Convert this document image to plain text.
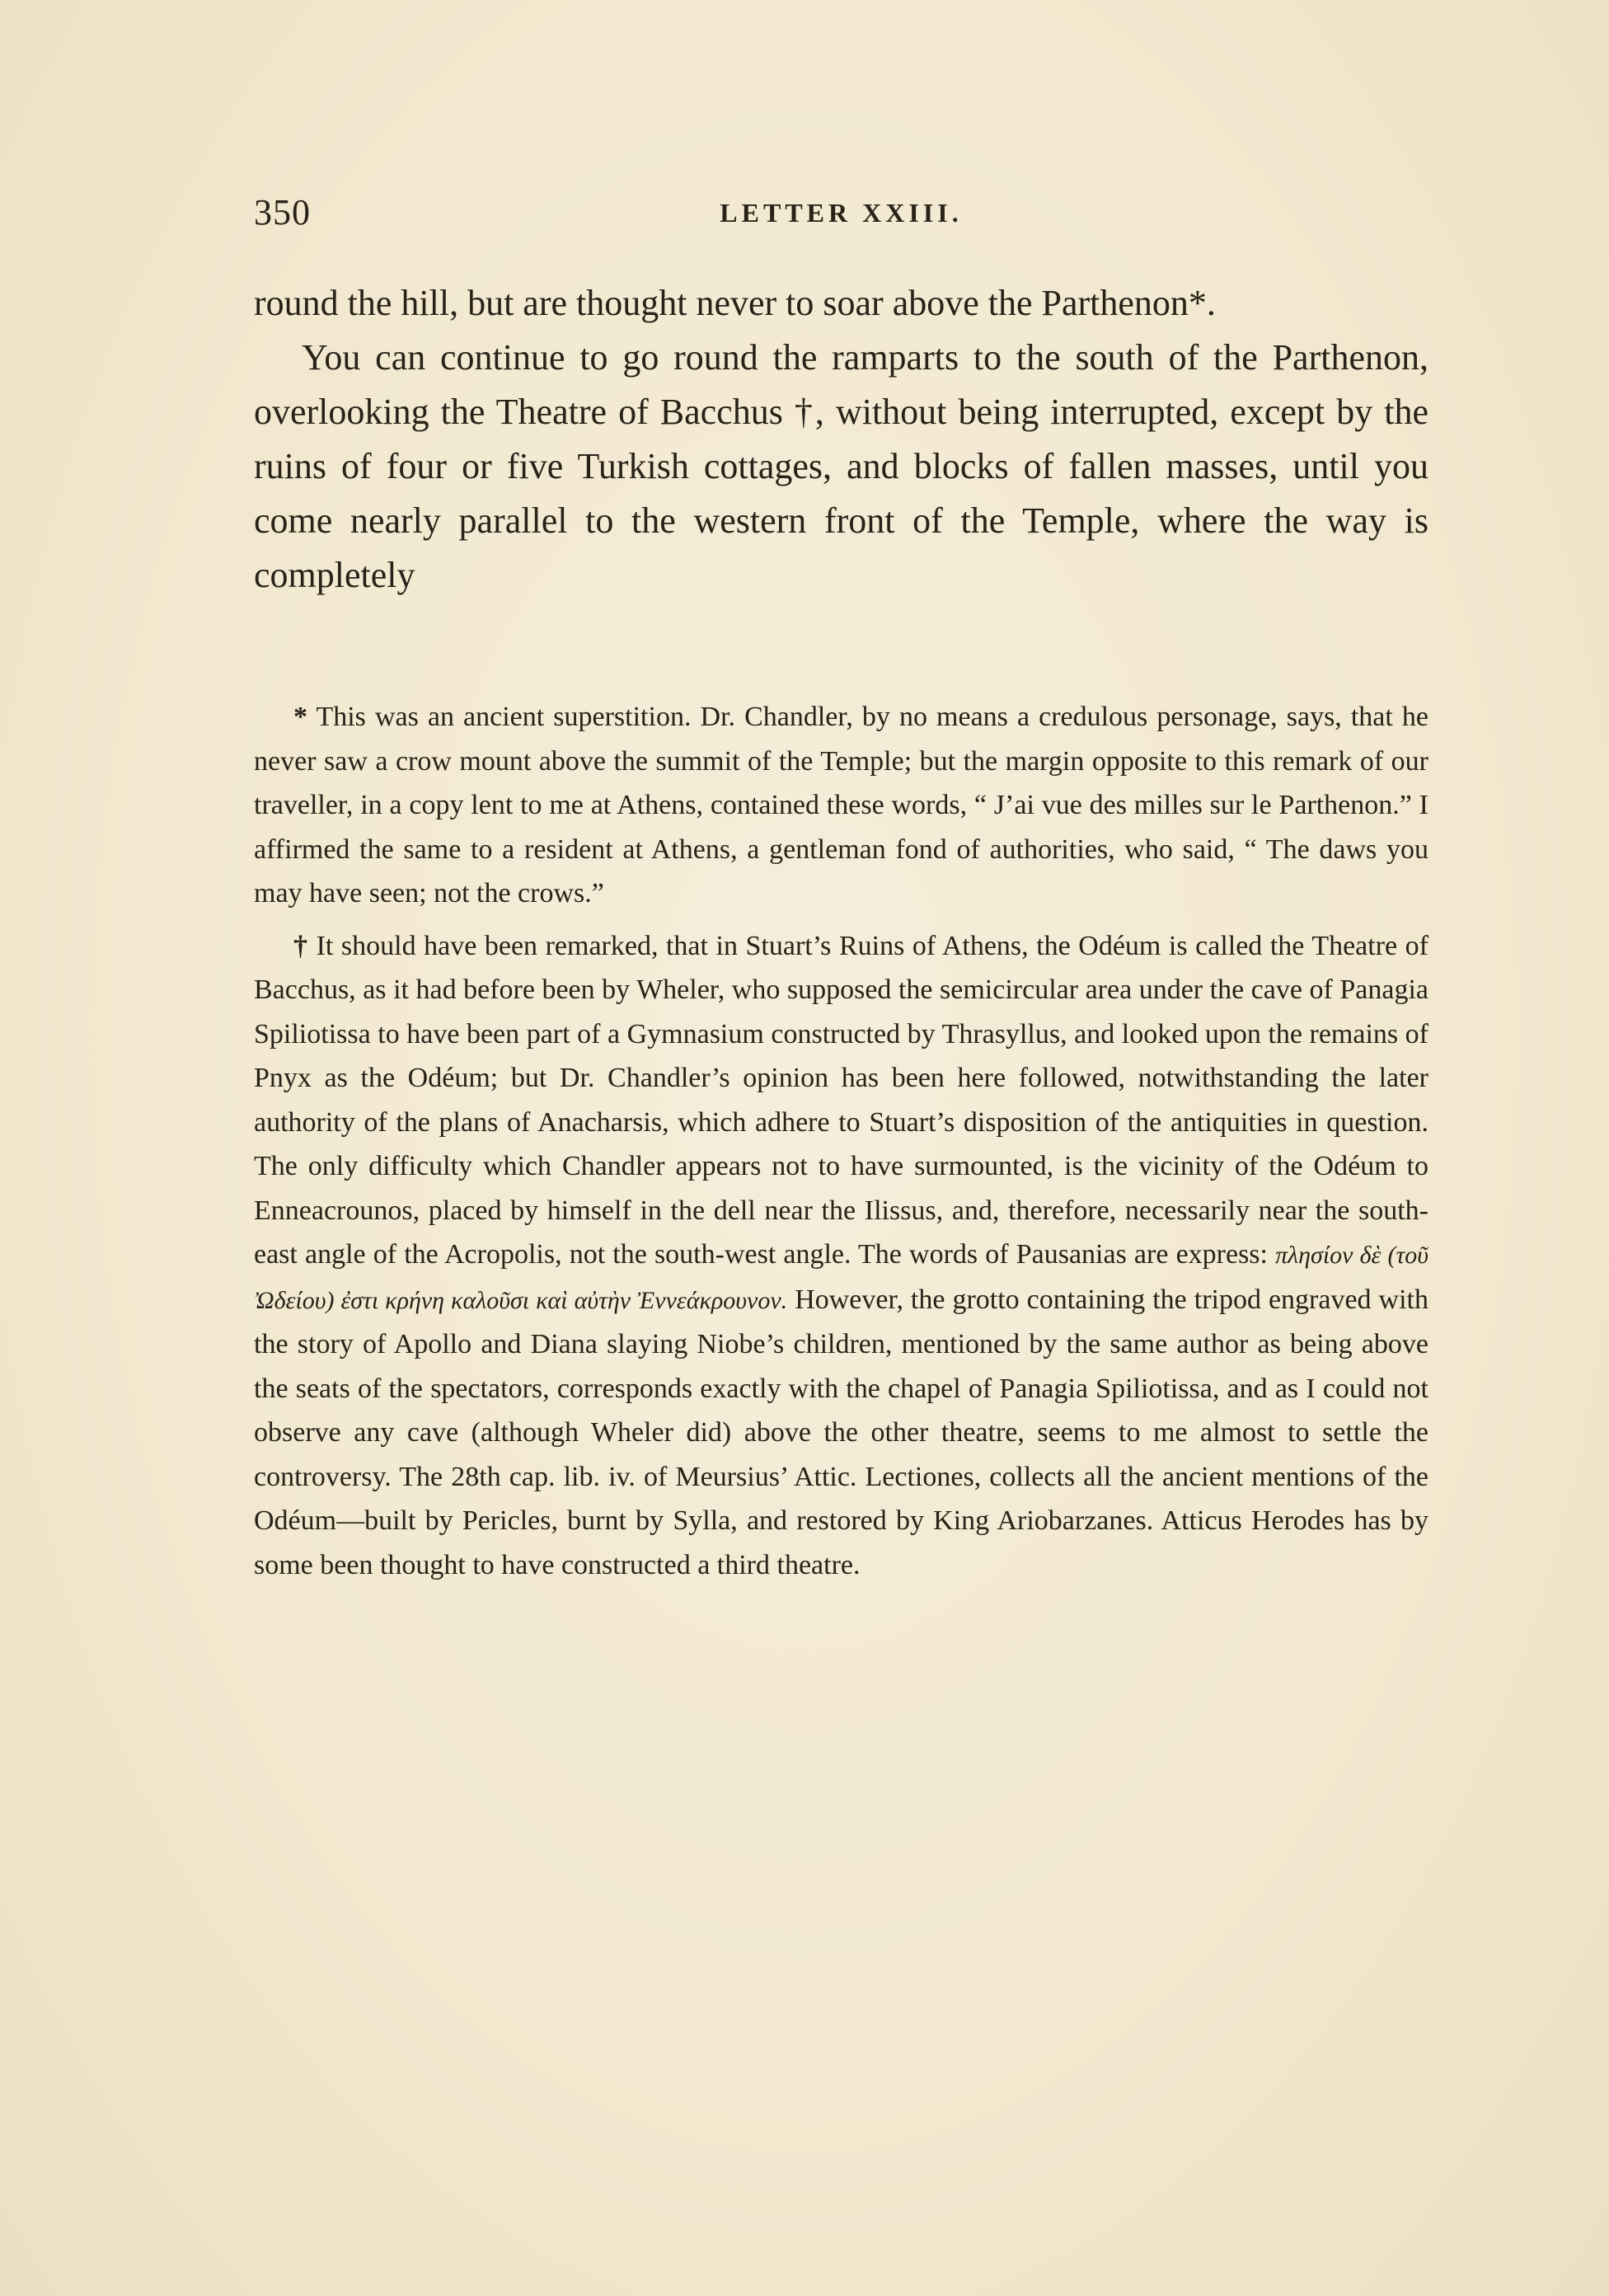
350	LETTER XXIII.

round the hill, but are thought never to soar above the Parthenon*.

You can continue to go round the ramparts to the south of the Parthenon, overlooking the Theatre of Bacchus †, without being interrupted, except by the ruins of four or five Turkish cottages, and blocks of fallen masses, until you come nearly parallel to the western front of the Temple, where the way is completely

* This was an ancient superstition. Dr. Chandler, by no means a credulous personage, says, that he never saw a crow mount above the summit of the Temple; but the margin opposite to this remark of our traveller, in a copy lent to me at Athens, contained these words, “ J’ai vue des milles sur le Parthenon.” I affirmed the same to a resident at Athens, a gentleman fond of authorities, who said, “ The daws you may have seen; not the crows.”

† It should have been remarked, that in Stuart’s Ruins of Athens, the Odéum is called the Theatre of Bacchus, as it had before been by Wheler, who supposed the semicircular area under the cave of Panagia Spiliotissa to have been part of a Gymnasium constructed by Thrasyllus, and looked upon the remains of Pnyx as the Odéum; but Dr. Chandler’s opinion has been here followed, notwithstanding the later authority of the plans of Anacharsis, which adhere to Stuart’s disposition of the antiquities in question. The only difficulty which Chandler appears not to have surmounted, is the vicinity of the Odéum to Enneacrounos, placed by himself in the dell near the Ilissus, and, therefore, necessarily near the south-east angle of the Acropolis, not the south-west angle. The words of Pausanias are express: πλησίον δὲ (τοῦ Ὠδείου) ἐστι κρήνη καλοῦσι καὶ αὐτὴν Ἐννεάκρουνον. However, the grotto containing the tripod engraved with the story of Apollo and Diana slaying Niobe’s children, mentioned by the same author as being above the seats of the spectators, corresponds exactly with the chapel of Panagia Spiliotissa, and as I could not observe any cave (although Wheler did) above the other theatre, seems to me almost to settle the controversy. The 28th cap. lib. iv. of Meursius’ Attic. Lectiones, collects all the ancient mentions of the Odéum—built by Pericles, burnt by Sylla, and restored by King Ariobarzanes. Atticus Herodes has by some been thought to have constructed a third theatre.
